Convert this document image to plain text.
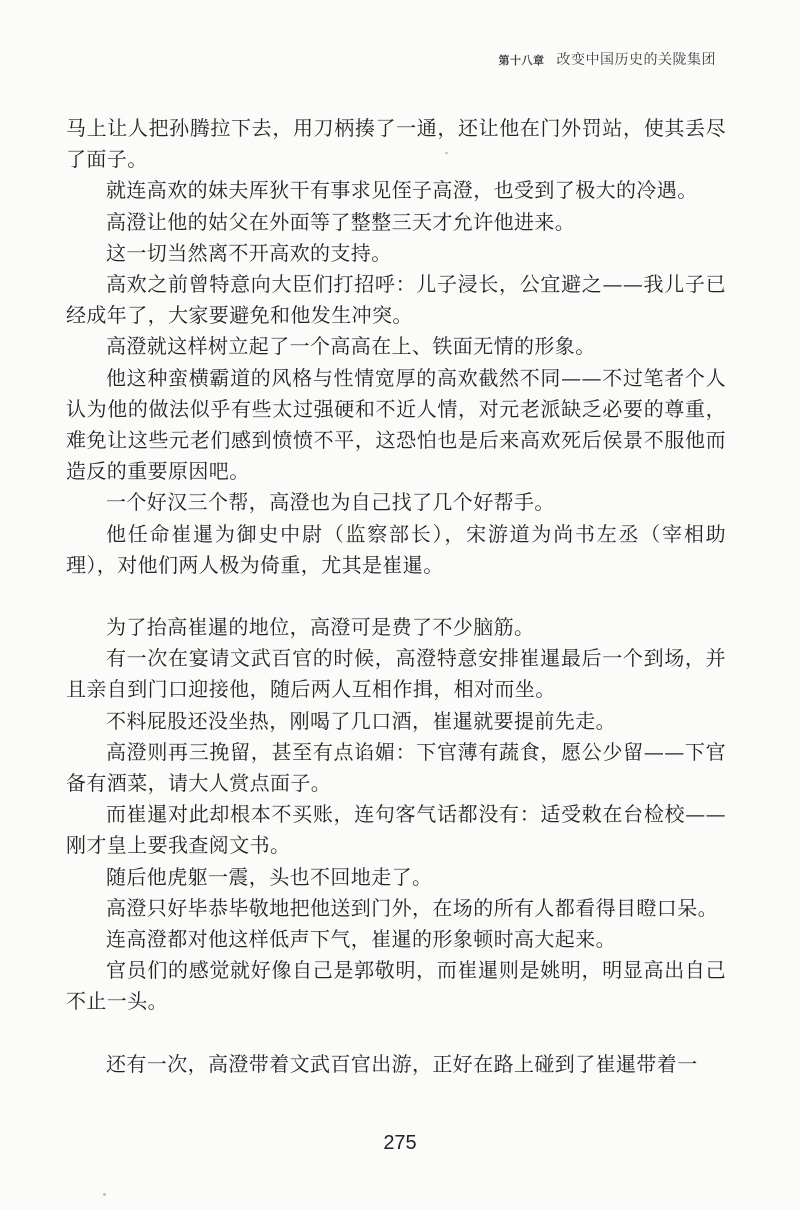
第十八章 改变中国历史的关陇集团

马上让人把孙腾拉下去，用刀柄揍了一通，还让他在门外罚站，使其丢尽了面子。

就连高欢的妹夫厍狄干有事求见侄子高澄，也受到了极大的冷遇。

高澄让他的姑父在外面等了整整三天才允许他进来。

这一切当然离不开高欢的支持。

高欢之前曾特意向大臣们打招呼：儿子浸长，公宜避之——我儿子已经成年了，大家要避免和他发生冲突。

高澄就这样树立起了一个高高在上、铁面无情的形象。

他这种蛮横霸道的风格与性情宽厚的高欢截然不同——不过笔者个人认为他的做法似乎有些太过强硬和不近人情，对元老派缺乏必要的尊重，难免让这些元老们感到愤愤不平，这恐怕也是后来高欢死后侯景不服他而造反的重要原因吧。

一个好汉三个帮，高澄也为自己找了几个好帮手。

他任命崔暹为御史中尉（监察部长），宋游道为尚书左丞（宰相助理），对他们两人极为倚重，尤其是崔暹。

为了抬高崔暹的地位，高澄可是费了不少脑筋。

有一次在宴请文武百官的时候，高澄特意安排崔暹最后一个到场，并且亲自到门口迎接他，随后两人互相作揖，相对而坐。

不料屁股还没坐热，刚喝了几口酒，崔暹就要提前先走。

高澄则再三挽留，甚至有点谄媚：下官薄有蔬食，愿公少留——下官备有酒菜，请大人赏点面子。

而崔暹对此却根本不买账，连句客气话都没有：适受敕在台检校——刚才皇上要我查阅文书。

随后他虎躯一震，头也不回地走了。

高澄只好毕恭毕敬地把他送到门外，在场的所有人都看得目瞪口呆。

连高澄都对他这样低声下气，崔暹的形象顿时高大起来。

官员们的感觉就好像自己是郭敬明，而崔暹则是姚明，明显高出自己不止一头。

还有一次，高澄带着文武百官出游，正好在路上碰到了崔暹带着一

275
